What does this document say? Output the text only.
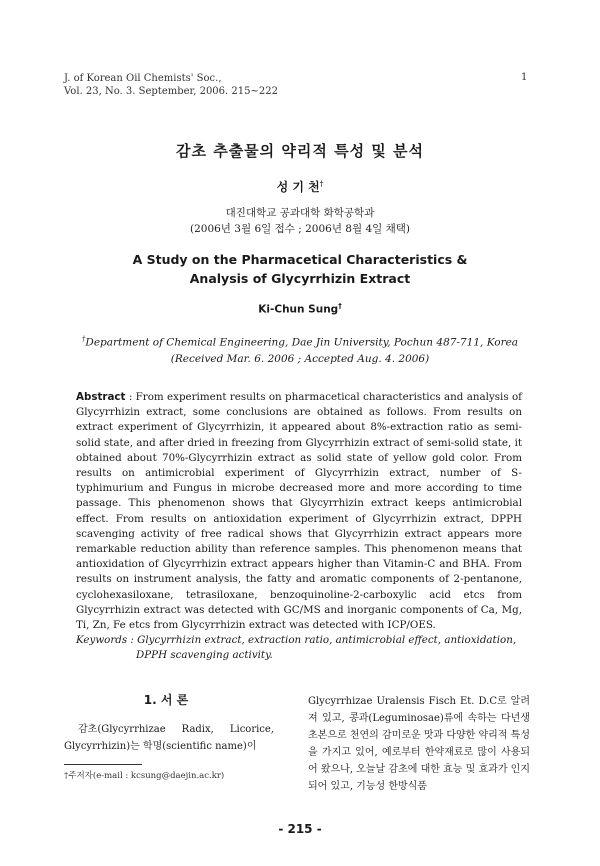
J. of Korean Oil Chemists' Soc.,
Vol. 23, No. 3. September, 2006. 215~222
1
감초 추출물의 약리적 특성 및 분석
성 기 천†
대진대학교 공과대학 화학공학과
(2006년 3월 6일 접수 ; 2006년 8월 4일 채택)
A Study on the Pharmacetical Characteristics &
Analysis of Glycyrrhizin Extract
Ki-Chun Sung†
†Department of Chemical Engineering, Dae Jin University, Pochun 487-711, Korea
(Received Mar. 6. 2006 ; Accepted Aug. 4. 2006)
Abstract : From experiment results on pharmacetical characteristics and analysis of Glycyrrhizin extract, some conclusions are obtained as follows. From results on extract experiment of Glycyrrhizin, it appeared about 8%-extraction ratio as semi-solid state, and after dried in freezing from Glycyrrhizin extract of semi-solid state, it obtained about 70%-Glycyrrhizin extract as solid state of yellow gold color. From results on antimicrobial experiment of Glycyrrhizin extract, number of S-typhimurium and Fungus in microbe decreased more and more according to time passage. This phenomenon shows that Glycyrrhizin extract keeps antimicrobial effect. From results on antioxidation experiment of Glycyrrhizin extract, DPPH scavenging activity of free radical shows that Glycyrrhizin extract appears more remarkable reduction ability than reference samples. This phenomenon means that antioxidation of Glycyrrhizin extract appears higher than Vitamin-C and BHA. From results on instrument analysis, the fatty and aromatic components of 2-pentanone, cyclohexasiloxane, tetrasiloxane, benzoquinoline-2-carboxylic acid etcs from Glycyrrhizin extract was detected with GC/MS and inorganic components of Ca, Mg, Ti, Zn, Fe etcs from Glycyrrhizin extract was detected with ICP/OES.
Keywords : Glycyrrhizin extract, extraction ratio, antimicrobial effect, antioxidation, DPPH scavenging activity.
1. 서 론
감초(Glycyrrhizae Radix, Licorice, Glycyrrhizin)는 학명(scientific name)이
†주저자(e-mail : kcsung@daejin.ac.kr)
Glycyrrhizae Uralensis Fisch Et. D.C로 알려져 있고, 콩과(Leguminosae)류에 속하는 다년생 초본으로 천연의 감미로운 맛과 다양한 약리적 특성을 가지고 있어, 예로부터 한약재료로 많이 사용되어 왔으나, 오늘날 감초에 대한 효능 및 효과가 인지되어 있고, 기능성 한방식품
- 215 -
